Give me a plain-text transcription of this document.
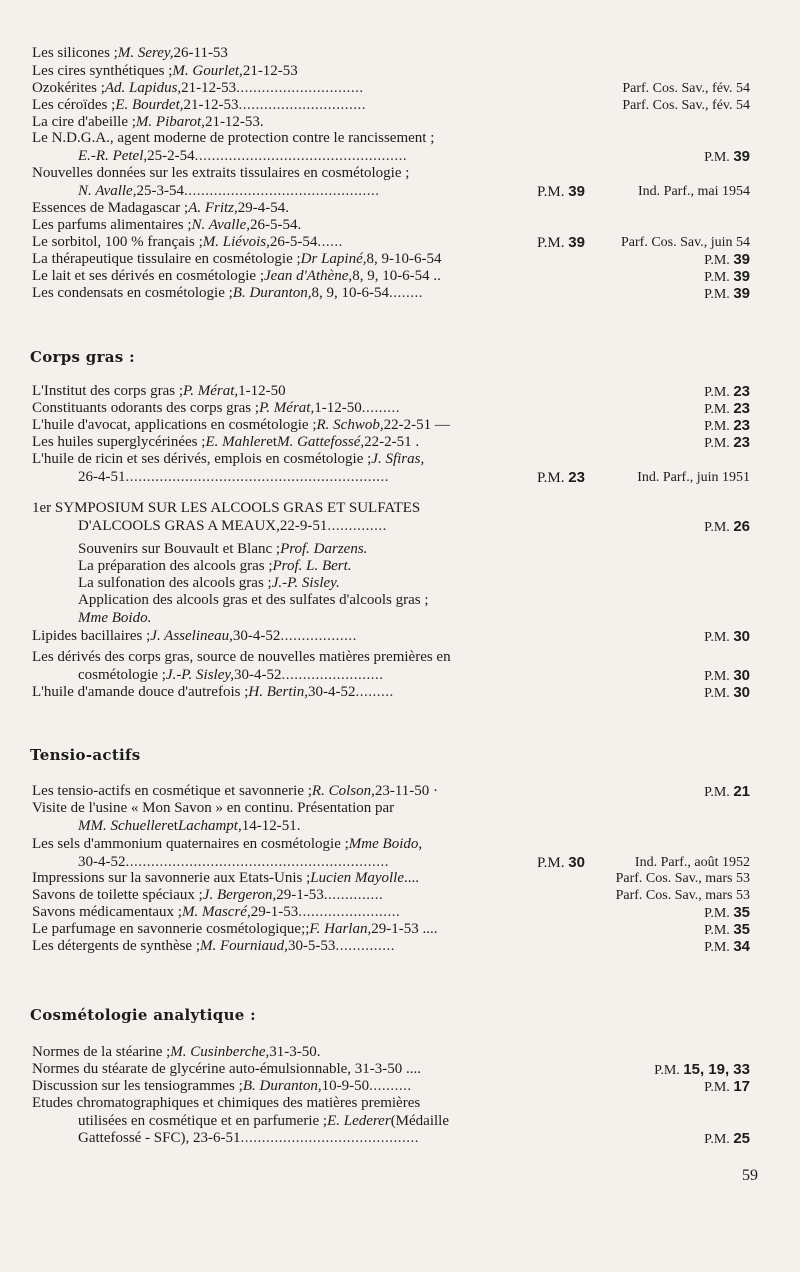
Les silicones ;M. Serey,26-11-53
Les cires synthétiques ;M. Gourlet,21-12-53
Ozokérites ;Ad. Lapidus,21-12-53..............................	Parf. Cos. Sav., fév. 54
Les céroïdes ;E. Bourdet,21-12-53..............................	Parf. Cos. Sav., fév. 54
La cire d'abeille ;M. Pibarot,21-12-53.
Le N.D.G.A., agent moderne de protection contre le rancissement ;
E.-R. Petel,25-2-54..................................................	P.M. 39
Nouvelles données sur les extraits tissulaires en cosmétologie ;
N. Avalle,25-3-54..............................................	P.M. 39	Ind. Parf., mai 1954
Essences de Madagascar ;A. Fritz,29-4-54.
Les parfums alimentaires ;N. Avalle,26-5-54.
Le sorbitol, 100 % français ;M. Liévois,26-5-54......	P.M. 39	Parf. Cos. Sav., juin 54
La thérapeutique tissulaire en cosmétologie ;Dr Lapiné,8, 9-10-6-54	P.M. 39
Le lait et ses dérivés en cosmétologie ;Jean d'Athène,8, 9, 10-6-54 ..	P.M. 39
Les condensats en cosmétologie ;B. Duranton,8, 9, 10-6-54........	P.M. 39
Corps gras :
L'Institut des corps gras ;P. Mérat,1-12-50	P.M. 23
Constituants odorants des corps gras ;P. Mérat,1-12-50.........	P.M. 23
L'huile d'avocat, applications en cosmétologie ;R. Schwob,22-2-51 —	P.M. 23
Les huiles superglycérinées ;E. MahleretM. Gattefossé,22-2-51 .	P.M. 23
L'huile de ricin et ses dérivés, emplois en cosmétologie ;J. Sfiras,
26-4-51..............................................................	P.M. 23	Ind. Parf., juin 1951
1er SYMPOSIUM SUR LES ALCOOLS GRAS ET SULFATES
D'ALCOOLS GRAS A MEAUX,22-9-51..............	P.M. 26
Souvenirs sur Bouvault et Blanc ;Prof. Darzens.
La préparation des alcools gras ;Prof. L. Bert.
La sulfonation des alcools gras ;J.-P. Sisley.
Application des alcools gras et des sulfates d'alcools gras ;
Mme Boido.
Lipides bacillaires ;J. Asselineau,30-4-52..................	P.M. 30
Les dérivés des corps gras, source de nouvelles matières premières en
cosmétologie ;J.-P. Sisley,30-4-52........................	P.M. 30
L'huile d'amande douce d'autrefois ;H. Bertin,30-4-52.........	P.M. 30
Tensio-actifs
Les tensio-actifs en cosmétique et savonnerie ;R. Colson,23-11-50 ·	P.M. 21
Visite de l'usine « Mon Savon » en continu. Présentation par
MM. SchuelleretLachampt,14-12-51.
Les sels d'ammonium quaternaires en cosmétologie ;Mme Boido,
30-4-52..............................................................	P.M. 30	Ind. Parf., août 1952
Impressions sur la savonnerie aux Etats-Unis ;Lucien Mayolle....	Parf. Cos. Sav., mars 53
Savons de toilette spéciaux ;J. Bergeron,29-1-53..............	Parf. Cos. Sav., mars 53
Savons médicamentaux ;M. Mascré,29-1-53........................	P.M. 35
Le parfumage en savonnerie cosmétologique;;F. Harlan,29-1-53 ....	P.M. 35
Les détergents de synthèse ;M. Fourniaud,30-5-53..............	P.M. 34
Cosmétologie analytique :
Normes de la stéarine ;M. Cusinberche,31-3-50.
Normes du stéarate de glycérine auto-émulsionnable, 31-3-50 ....	P.M. 15, 19, 33
Discussion sur les tensiogrammes ;B. Duranton,10-9-50..........	P.M. 17
Etudes chromatographiques et chimiques des matières premières
utilisées en cosmétique et en parfumerie ;E. Lederer(Médaille
Gattefossé - SFC), 23-6-51..........................................	P.M. 25
59
